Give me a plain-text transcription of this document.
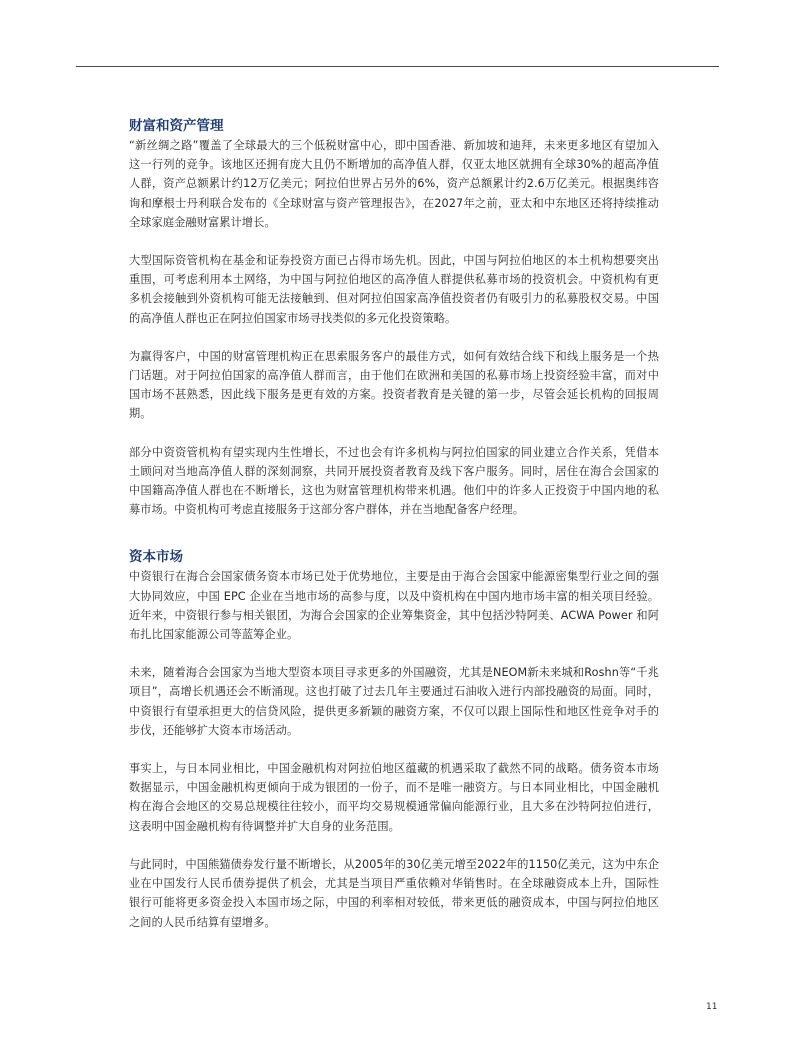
财富和资产管理

“新丝绸之路”覆盖了全球最大的三个低税财富中心，即中国香港、新加坡和迪拜，未来更多地区有望加入这一行列的竞争。该地区还拥有庞大且仍不断增加的高净值人群，仅亚太地区就拥有全球30%的超高净值人群，资产总额累计约12万亿美元；阿拉伯世界占另外的6%，资产总额累计约2.6万亿美元。根据奥纬咨询和摩根士丹利联合发布的《全球财富与资产管理报告》，在2027年之前，亚太和中东地区还将持续推动全球家庭金融财富累计增长。

大型国际资管机构在基金和证券投资方面已占得市场先机。因此，中国与阿拉伯地区的本土机构想要突出重围，可考虑利用本土网络，为中国与阿拉伯地区的高净值人群提供私募市场的投资机会。中资机构有更多机会接触到外资机构可能无法接触到、但对阿拉伯国家高净值投资者仍有吸引力的私募股权交易。中国的高净值人群也正在阿拉伯国家市场寻找类似的多元化投资策略。

为赢得客户，中国的财富管理机构正在思索服务客户的最佳方式，如何有效结合线下和线上服务是一个热门话题。对于阿拉伯国家的高净值人群而言，由于他们在欧洲和美国的私募市场上投资经验丰富，而对中国市场不甚熟悉，因此线下服务是更有效的方案。投资者教育是关键的第一步，尽管会延长机构的回报周期。

部分中资资管机构有望实现内生性增长，不过也会有许多机构与阿拉伯国家的同业建立合作关系，凭借本土顾问对当地高净值人群的深刻洞察，共同开展投资者教育及线下客户服务。同时，居住在海合会国家的中国籍高净值人群也在不断增长，这也为财富管理机构带来机遇。他们中的许多人正投资于中国内地的私募市场。中资机构可考虑直接服务于这部分客户群体，并在当地配备客户经理。

资本市场

中资银行在海合会国家债务资本市场已处于优势地位，主要是由于海合会国家中能源密集型行业之间的强大协同效应，中国 EPC 企业在当地市场的高参与度，以及中资机构在中国内地市场丰富的相关项目经验。近年来，中资银行参与相关银团，为海合会国家的企业筹集资金，其中包括沙特阿美、ACWA Power 和阿布扎比国家能源公司等蓝筹企业。

未来，随着海合会国家为当地大型资本项目寻求更多的外国融资，尤其是NEOM新未来城和Roshn等“千兆项目”，高增长机遇还会不断涌现。这也打破了过去几年主要通过石油收入进行内部投融资的局面。同时，中资银行有望承担更大的信贷风险，提供更多新颖的融资方案，不仅可以跟上国际性和地区性竞争对手的步伐，还能够扩大资本市场活动。

事实上，与日本同业相比，中国金融机构对阿拉伯地区蕴藏的机遇采取了截然不同的战略。债务资本市场数据显示，中国金融机构更倾向于成为银团的一份子，而不是唯一融资方。与日本同业相比，中国金融机构在海合会地区的交易总规模往往较小，而平均交易规模通常偏向能源行业，且大多在沙特阿拉伯进行，这表明中国金融机构有待调整并扩大自身的业务范围。

与此同时，中国熊猫债券发行量不断增长，从2005年的30亿美元增至2022年的1150亿美元，这为中东企业在中国发行人民币债券提供了机会，尤其是当项目严重依赖对华销售时。在全球融资成本上升，国际性银行可能将更多资金投入本国市场之际，中国的利率相对较低，带来更低的融资成本，中国与阿拉伯地区之间的人民币结算有望增多。

11
